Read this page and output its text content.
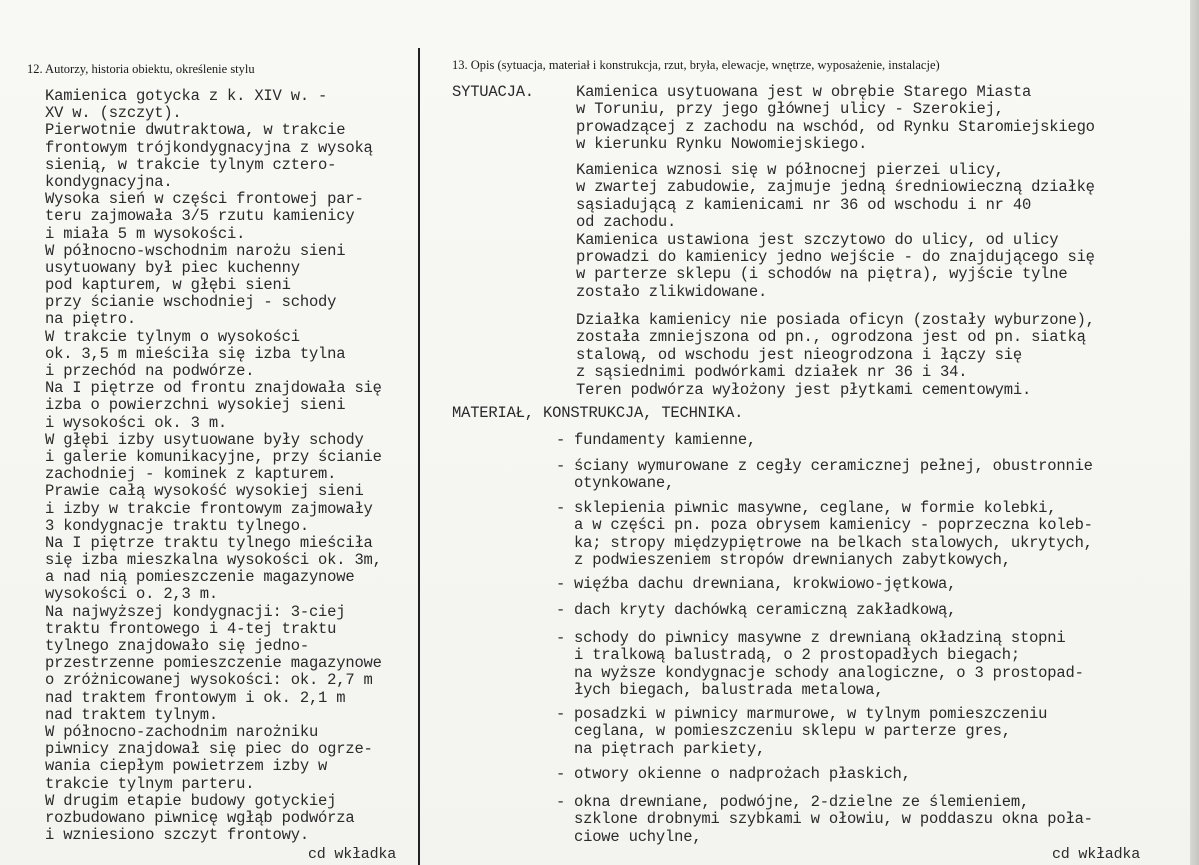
12. Autorzy, historia obiektu, określenie stylu	13. Opis (sytuacja, materiał i konstrukcja, rzut, bryła, elewacje, wnętrze, wyposażenie, instalacje)
Kamienica gotycka z k. XIV w. -
XV w. (szczyt).
Pierwotnie dwutraktowa, w trakcie
frontowym trójkondygnacyjna z wysoką
sienią, w trakcie tylnym cztero-
kondygnacyjna.
Wysoka sień w części frontowej par-
teru zajmowała 3/5 rzutu kamienicy
i miała 5 m wysokości.
W północno-wschodnim narożu sieni
usytuowany był piec kuchenny
pod kapturem, w głębi sieni
przy ścianie wschodniej - schody
na piętro.
W trakcie tylnym o wysokości
ok. 3,5 m mieściła się izba tylna
i przechód na podwórze.
Na I piętrze od frontu znajdowała się
izba o powierzchni wysokiej sieni
i wysokości ok. 3 m.
W głębi izby usytuowane były schody
i galerie komunikacyjne, przy ścianie
zachodniej - kominek z kapturem.
Prawie całą wysokość wysokiej sieni
i izby w trakcie frontowym zajmowały
3 kondygnacje traktu tylnego.
Na I piętrze traktu tylnego mieściła
się izba mieszkalna wysokości ok. 3m,
a nad nią pomieszczenie magazynowe
wysokości o. 2,3 m.
Na najwyższej kondygnacji: 3-ciej
traktu frontowego i 4-tej traktu
tylnego znajdowało się jedno-
przestrzenne pomieszczenie magazynowe
o zróżnicowanej wysokości: ok. 2,7 m
nad traktem frontowym i ok. 2,1 m
nad traktem tylnym.
W północno-zachodnim narożniku
piwnicy znajdował się piec do ogrze-
wania ciepłym powietrzem izby w
trakcie tylnym parteru.
W drugim etapie budowy gotyckiej
rozbudowano piwnicę wgłąb podwórza
i wzniesiono szczyt frontowy.
cd wkładka
SYTUACJA.	Kamienica usytuowana jest w obrębie Starego Miasta
w Toruniu, przy jego głównej ulicy - Szerokiej,
prowadzącej z zachodu na wschód, od Rynku Staromiejskiego
w kierunku Rynku Nowomiejskiego.
Kamienica wznosi się w północnej pierzei ulicy,
w zwartej zabudowie, zajmuje jedną średniowieczną działkę
sąsiadującą z kamienicami nr 36 od wschodu i nr 40
od zachodu.
Kamienica ustawiona jest szczytowo do ulicy, od ulicy
prowadzi do kamienicy jedno wejście - do znajdującego się
w parterze sklepu (i schodów na piętra), wyjście tylne
zostało zlikwidowane.
Działka kamienicy nie posiada oficyn (zostały wyburzone),
została zmniejszona od pn., ogrodzona jest od pn. siatką
stalową, od wschodu jest nieogrodzona i łączy się
z sąsiednimi podwórkami działek nr 36 i 34.
Teren podwórza wyłożony jest płytkami cementowymi.
MATERIAŁ, KONSTRUKCJA, TECHNIKA.
- fundamenty kamienne,
- ściany wymurowane z cegły ceramicznej pełnej, obustronnie
otynkowane,
- sklepienia piwnic masywne, ceglane, w formie kolebki,
a w części pn. poza obrysem kamienicy - poprzeczna koleb-
ka; stropy międzypiętrowe na belkach stalowych, ukrytych,
z podwieszeniem stropów drewnianych zabytkowych,
- więźba dachu drewniana, krokwiowo-jętkowa,
- dach kryty dachówką ceramiczną zakładkową,
- schody do piwnicy masywne z drewnianą okładziną stopni
i tralkową balustradą, o 2 prostopadłych biegach;
na wyższe kondygnacje schody analogiczne, o 3 prostopad-
łych biegach, balustrada metalowa,
- posadzki w piwnicy marmurowe, w tylnym pomieszczeniu
ceglana, w pomieszczeniu sklepu w parterze gres,
na piętrach parkiety,
- otwory okienne o nadprożach płaskich,
- okna drewniane, podwójne, 2-dzielne ze ślemieniem,
szklone drobnymi szybkami w ołowiu, w poddaszu okna poła-
ciowe uchylne,
cd wkładka
